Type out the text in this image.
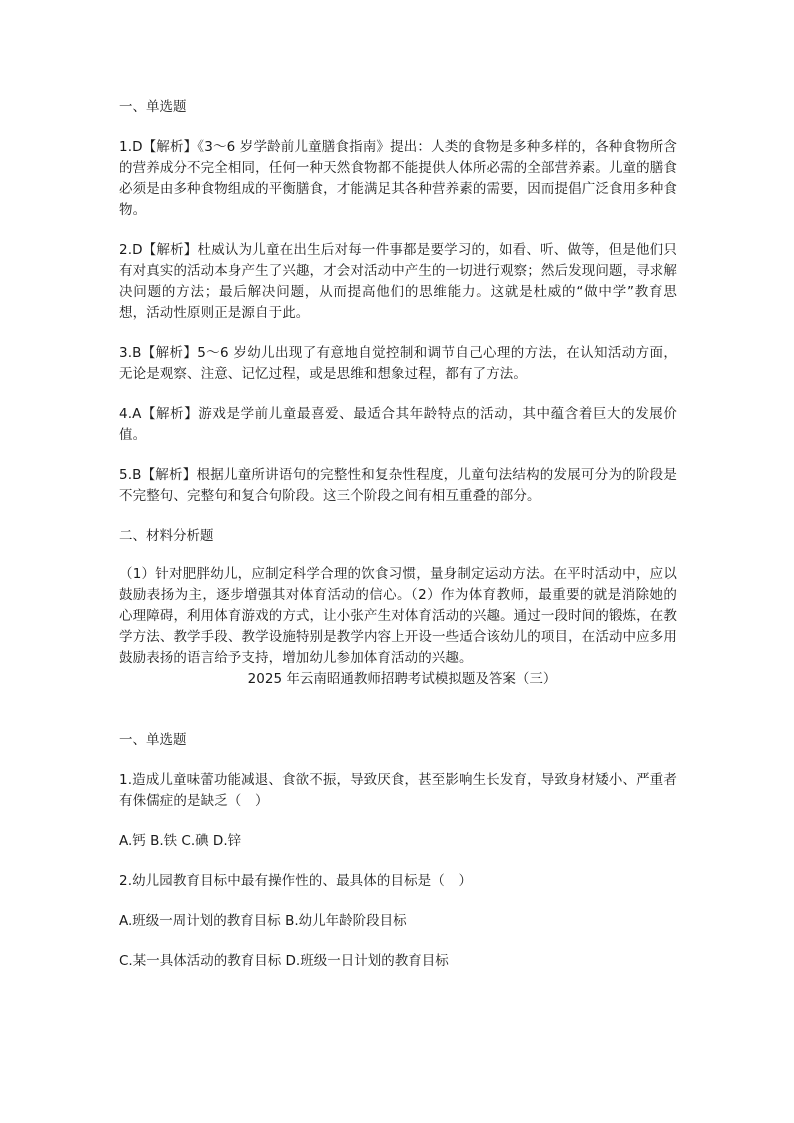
一、单选题

1.D【解析】《3～6 岁学龄前儿童膳食指南》提出：人类的食物是多种多样的，各种食物所含的营养成分不完全相同，任何一种天然食物都不能提供人体所必需的全部营养素。儿童的膳食必须是由多种食物组成的平衡膳食，才能满足其各种营养素的需要，因而提倡广泛食用多种食物。

2.D【解析】杜威认为儿童在出生后对每一件事都是要学习的，如看、听、做等，但是他们只有对真实的活动本身产生了兴趣，才会对活动中产生的一切进行观察；然后发现问题，寻求解决问题的方法；最后解决问题，从而提高他们的思维能力。这就是杜威的“做中学”教育思想，活动性原则正是源自于此。

3.B【解析】5～6 岁幼儿出现了有意地自觉控制和调节自己心理的方法，在认知活动方面，无论是观察、注意、记忆过程，或是思维和想象过程，都有了方法。

4.A【解析】游戏是学前儿童最喜爱、最适合其年龄特点的活动，其中蕴含着巨大的发展价值。

5.B【解析】根据儿童所讲语句的完整性和复杂性程度，儿童句法结构的发展可分为的阶段是不完整句、完整句和复合句阶段。这三个阶段之间有相互重叠的部分。

二、材料分析题

（1）针对肥胖幼儿，应制定科学合理的饮食习惯，量身制定运动方法。在平时活动中，应以鼓励表扬为主，逐步增强其对体育活动的信心。（2）作为体育教师，最重要的就是消除她的心理障碍，利用体育游戏的方式，让小张产生对体育活动的兴趣。通过一段时间的锻炼，在教学方法、教学手段、教学设施特别是教学内容上开设一些适合该幼儿的项目，在活动中应多用鼓励表扬的语言给予支持，增加幼儿参加体育活动的兴趣。

2025 年云南昭通教师招聘考试模拟题及答案（三）

一、单选题

1.造成儿童味蕾功能减退、食欲不振，导致厌食，甚至影响生长发育，导致身材矮小、严重者有侏儒症的是缺乏（　）

A.钙 B.铁 C.碘 D.锌

2.幼儿园教育目标中最有操作性的、最具体的目标是（　）

A.班级一周计划的教育目标 B.幼儿年龄阶段目标

C.某一具体活动的教育目标 D.班级一日计划的教育目标
